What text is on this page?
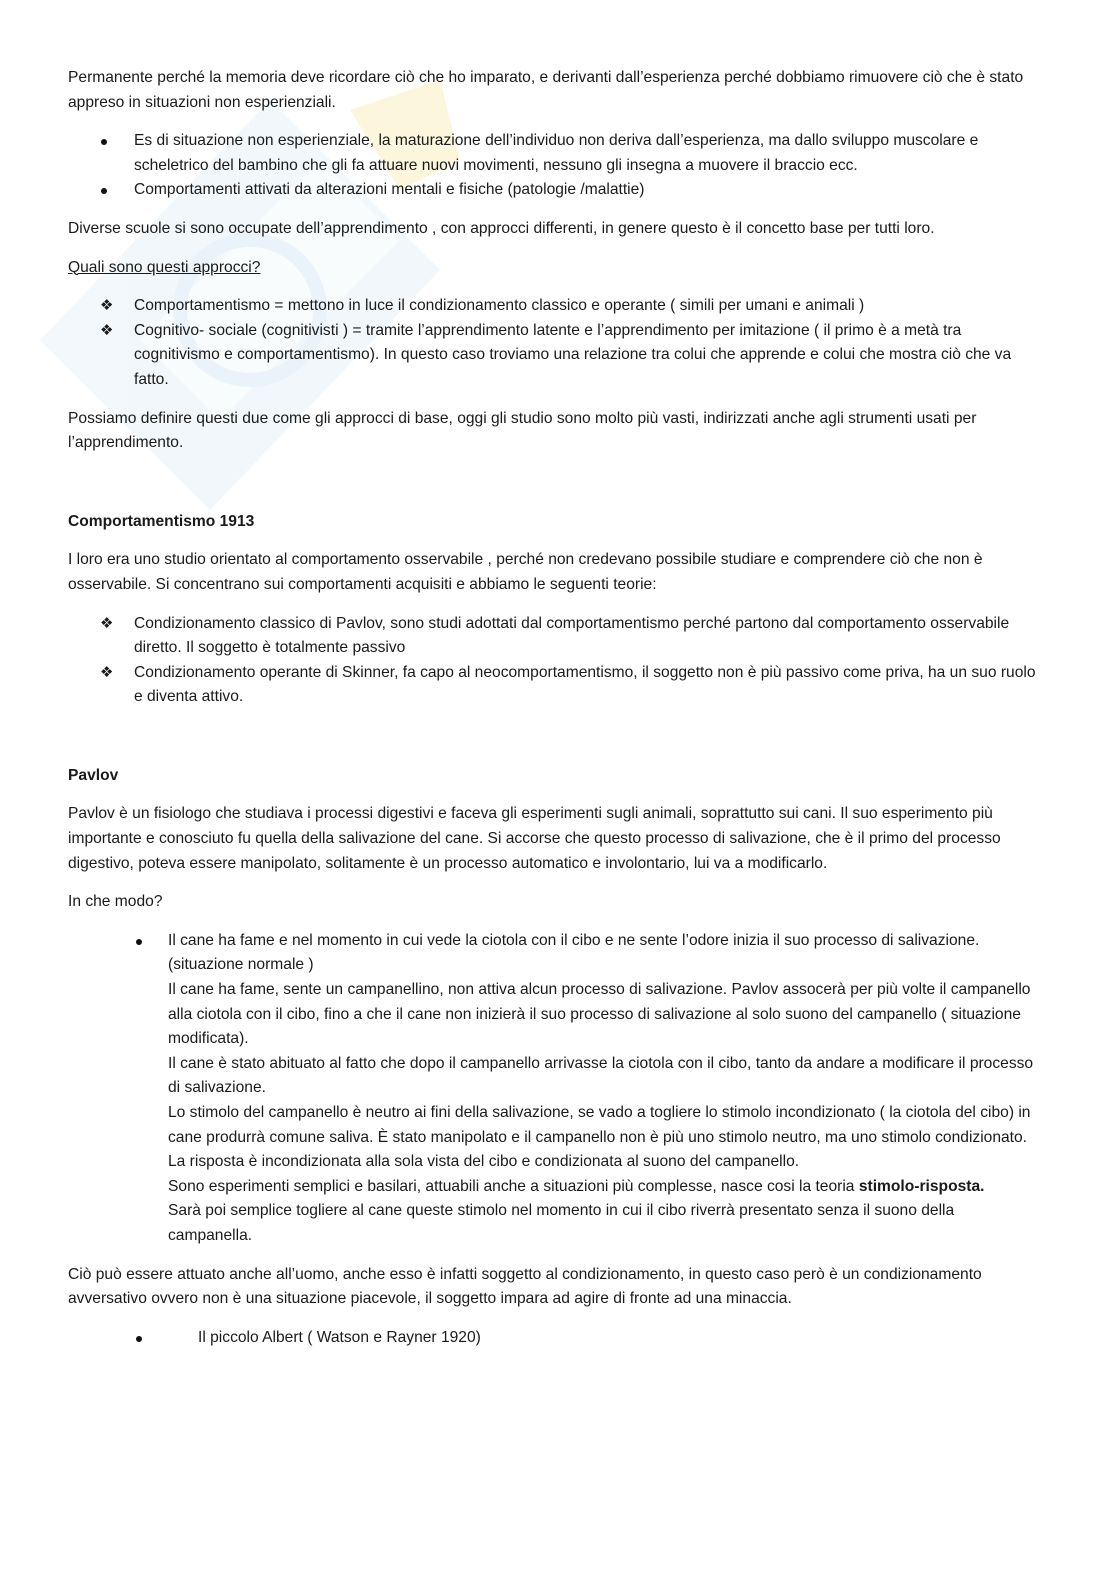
Permanente perché la memoria deve ricordare ciò che ho imparato, e derivanti dall’esperienza perché dobbiamo rimuovere ciò che è stato appreso in situazioni non esperienziali.

Es di situazione non esperienziale, la maturazione dell’individuo non deriva dall’esperienza, ma dallo sviluppo muscolare e scheletrico del bambino che gli fa attuare nuovi movimenti, nessuno gli insegna a muovere il braccio ecc.
Comportamenti attivati da alterazioni mentali e fisiche (patologie /malattie)

Diverse scuole si sono occupate dell’apprendimento , con approcci differenti, in genere questo è il concetto base per tutti loro.

Quali sono questi approcci?

❖ Comportamentismo = mettono in luce il condizionamento classico e operante ( simili per umani e animali )
❖ Cognitivo- sociale (cognitivisti ) = tramite l’apprendimento latente e l’apprendimento per imitazione ( il primo è a metà tra cognitivismo e comportamentismo). In questo caso troviamo una relazione tra colui che apprende e colui che mostra ciò che va fatto.

Possiamo definire questi due come gli approcci di base, oggi gli studio sono molto più vasti, indirizzati anche agli strumenti usati per l’apprendimento.

Comportamentismo 1913

I loro era uno studio orientato al comportamento osservabile , perché non credevano possibile studiare e comprendere ciò che non è osservabile. Si concentrano sui comportamenti acquisiti e abbiamo le seguenti teorie:

❖ Condizionamento classico di Pavlov, sono studi adottati dal comportamentismo perché partono dal comportamento osservabile diretto. Il soggetto è totalmente passivo
❖ Condizionamento operante di Skinner, fa capo al neocomportamentismo, il soggetto non è più passivo come priva, ha un suo ruolo e diventa attivo.

Pavlov

Pavlov è un fisiologo che studiava i processi digestivi e faceva gli esperimenti sugli animali, soprattutto sui cani. Il suo esperimento più importante e conosciuto fu quella della salivazione del cane. Si accorse che questo processo di salivazione, che è il primo del processo digestivo, poteva essere manipolato, solitamente è un processo automatico e involontario, lui va a modificarlo.

In che modo?

Il cane ha fame e nel momento in cui vede la ciotola con il cibo e ne sente l’odore inizia il suo processo di salivazione. (situazione normale )
Il cane ha fame, sente un campanellino, non attiva alcun processo di salivazione. Pavlov assocerà per più volte il campanello alla ciotola con il cibo, fino a che il cane non inizierà il suo processo di salivazione al solo suono del campanello ( situazione modificata).
Il cane è stato abituato al fatto che dopo il campanello arrivasse la ciotola con il cibo, tanto da andare a modificare il processo di salivazione.
Lo stimolo del campanello è neutro ai fini della salivazione, se vado a togliere lo stimolo incondizionato ( la ciotola del cibo) in cane produrrà comune saliva. È stato manipolato e il campanello non è più uno stimolo neutro, ma uno stimolo condizionato.
La risposta è incondizionata alla sola vista del cibo e condizionata al suono del campanello.
Sono esperimenti semplici e basilari, attuabili anche a situazioni più complesse, nasce cosi la teoria stimolo-risposta.
Sarà poi semplice togliere al cane queste stimolo nel momento in cui il cibo riverrà presentato senza il suono della campanella.

Ciò può essere attuato anche all’uomo, anche esso è infatti soggetto al condizionamento, in questo caso però è un condizionamento avversativo ovvero non è una situazione piacevole, il soggetto impara ad agire di fronte ad una minaccia.

Il piccolo Albert ( Watson e Rayner 1920)
